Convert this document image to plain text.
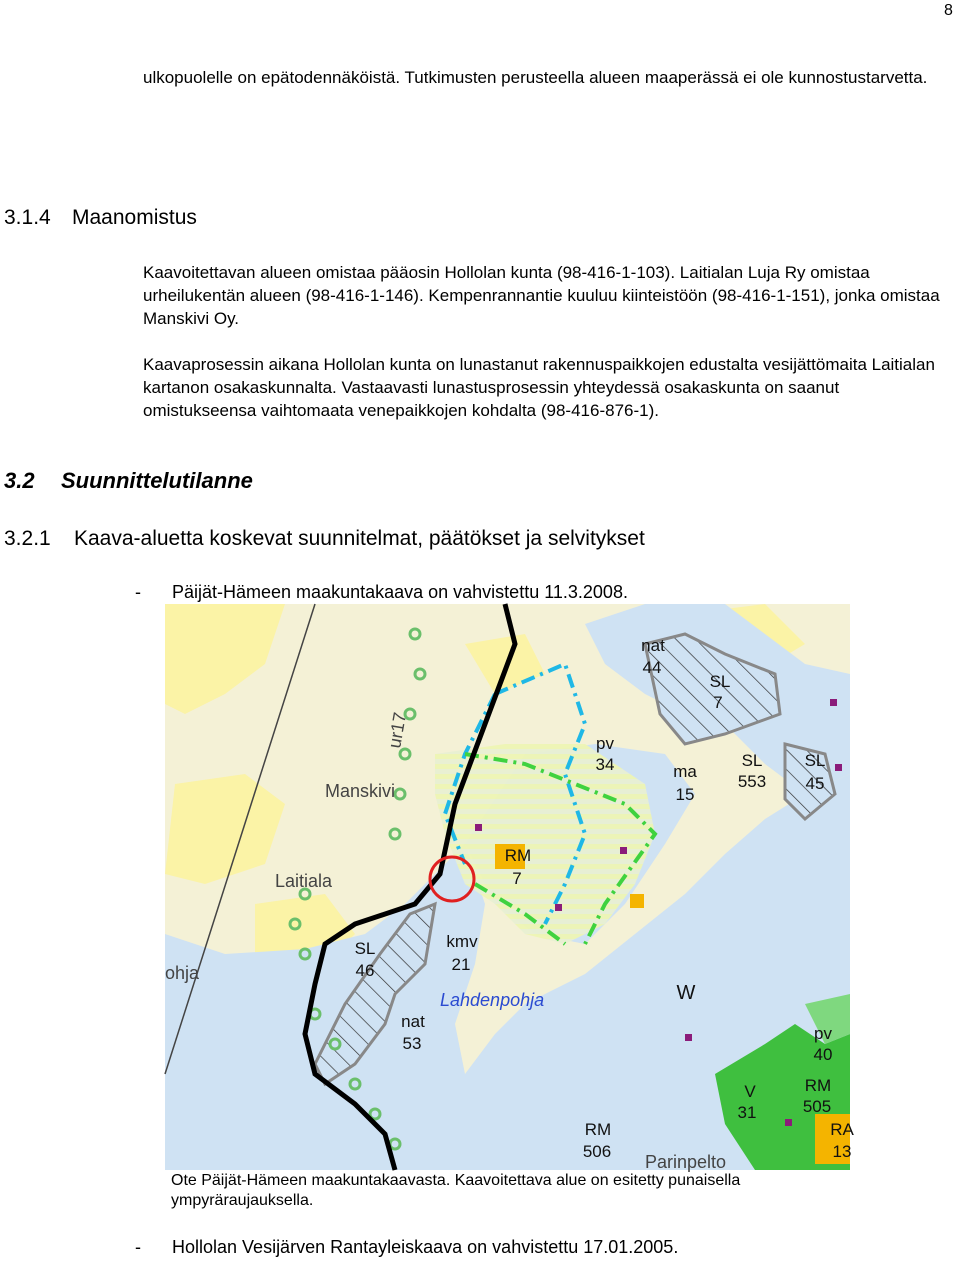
8

ulkopuolelle on epätodennäköistä. Tutkimusten perusteella alueen maaperässä ei ole kunnostustarvetta.

3.1.4 Maanomistus

Kaavoitettavan alueen omistaa pääosin Hollolan kunta (98-416-1-103). Laitialan Luja Ry omistaa urheilukentän alueen (98-416-1-146). Kempenrannantie kuuluu kiinteistöön (98-416-1-151), jonka omistaa Manskivi Oy.

Kaavaprosessin aikana Hollolan kunta on lunastanut rakennuspaikkojen edustalta vesijättömaita Laitialan kartanon osakaskunnalta. Vastaavasti lunastusprosessin yhteydessä osakaskunta on saanut omistukseensa vaihtomaata venepaikkojen kohdalta (98-416-876-1).

3.2 Suunnittelutilanne
3.2.1 Kaava-aluetta koskevat suunnitelmat, päätökset ja selvitykset
- Päijät-Hämeen maakuntakaava on vahvistettu 11.3.2008.
Manskivi
Laitiala
ohja
Parinpelto
ur17
Lahdenpohja
nat
44
SL
7
pv
34	ma
15
SL
553
SL
45
RM
7
SL
46
kmv
21
W
nat
53
pv
40
V
31
RM
505
RM
506
RA
13

Ote Päijät-Hämeen maakuntakaavasta. Kaavoitettava alue on esitetty punaisella ympyräraujauksella.

- Hollolan Vesijärven Rantayleiskaava on vahvistettu 17.01.2005.
